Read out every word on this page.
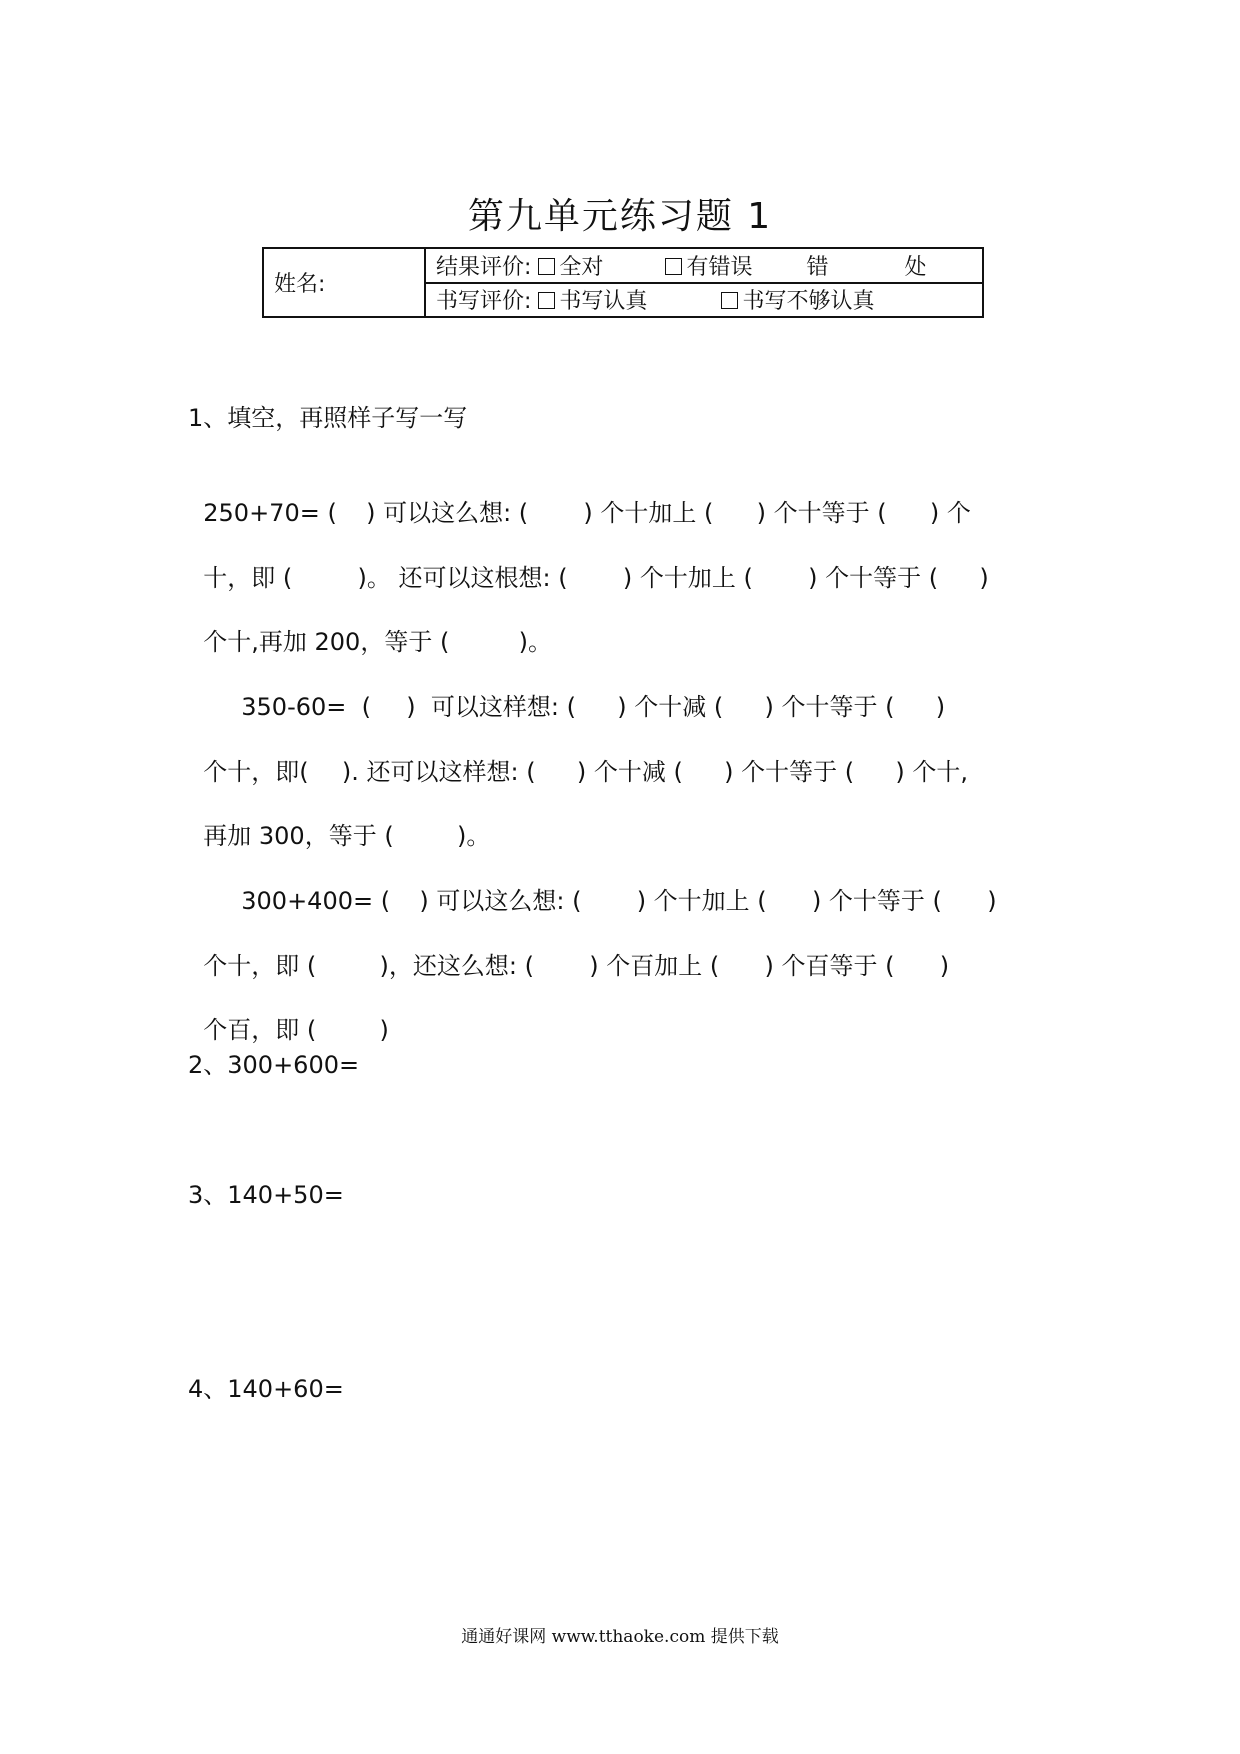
第九单元练习题 1
姓名:	结果评价: 全对	有错误 错	处
书写评价: 书写认真	书写不够认真
1、填空，再照样子写一写

250+70= (  ) 可以这么想: (  ) 个十加上 (  ) 个十等于 (  ) 个

十，即 (  )。 还可以这根想: (  ) 个十加上 (  ) 个十等于 (  )

个十,再加 200，等于 (  )。

350-60=  (  )  可以这样想: (  ) 个十减 (  ) 个十等于 (  )

个十，即(  ). 还可以这样想: (  ) 个十减 (  ) 个十等于 (  ) 个十,

再加 300，等于 (  )。

300+400= (  ) 可以这么想: (  ) 个十加上 (  ) 个十等于 (  )

个十，即 (  )，还这么想: (  ) 个百加上 (  ) 个百等于 (  )

个百，即 (  )

2、300+600=
3、140+50=
4、140+60=
通通好课网 www.tthaoke.com 提供下载
